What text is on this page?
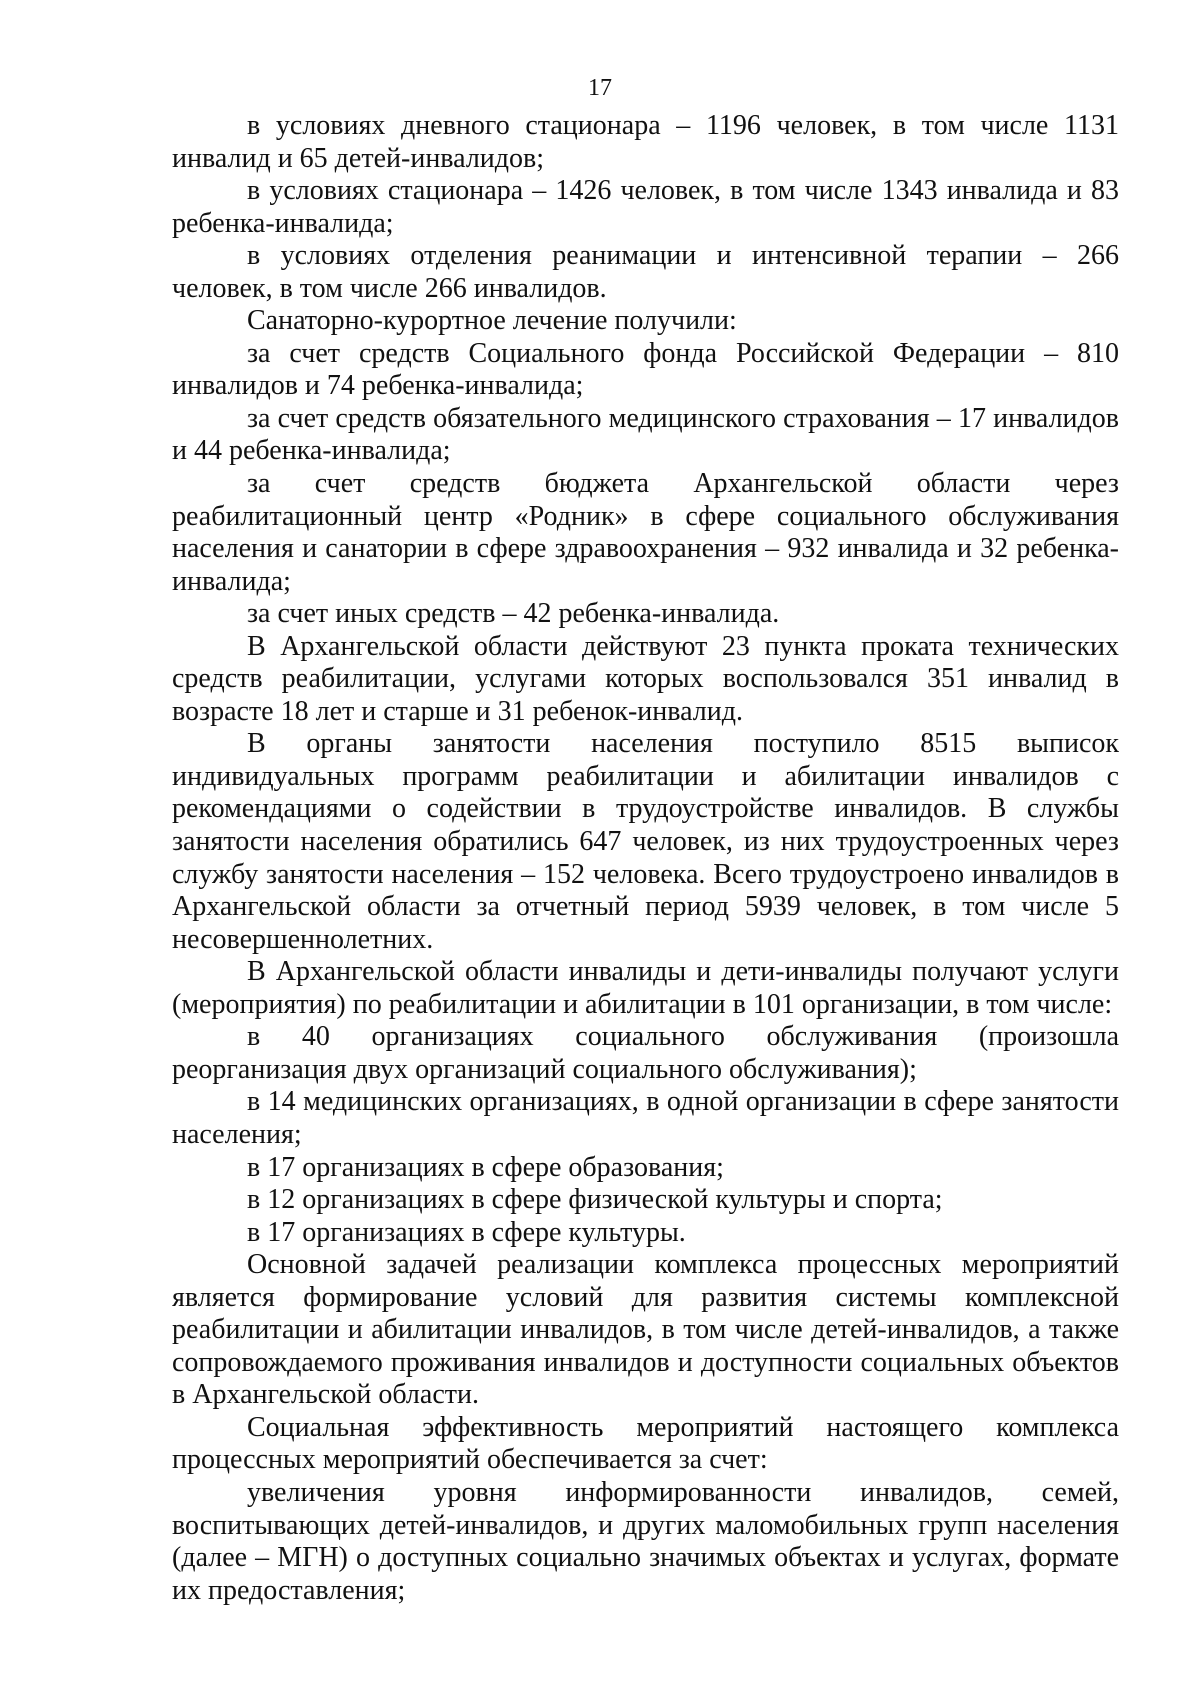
17

в условиях дневного стационара – 1196 человек, в том числе 1131 инвалид и 65 детей-инвалидов;

в условиях стационара – 1426 человек, в том числе 1343 инвалида и 83 ребенка-инвалида;

в условиях отделения реанимации и интенсивной терапии – 266 человек, в том числе 266 инвалидов.

Санаторно-курортное лечение получили:

за счет средств Социального фонда Российской Федерации – 810 инвалидов и 74 ребенка-инвалида;

за счет средств обязательного медицинского страхования – 17 инвалидов и 44 ребенка-инвалида;

за счет средств бюджета Архангельской области через реабилитационный центр «Родник» в сфере социального обслуживания населения и санатории в сфере здравоохранения – 932 инвалида и 32 ребенка-инвалида;

за счет иных средств – 42 ребенка-инвалида.

В Архангельской области действуют 23 пункта проката технических средств реабилитации, услугами которых воспользовался 351 инвалид в возрасте 18 лет и старше и 31 ребенок-инвалид.

В органы занятости населения поступило 8515 выписок индивидуальных программ реабилитации и абилитации инвалидов с рекомендациями о содействии в трудоустройстве инвалидов. В службы занятости населения обратились 647 человек, из них трудоустроенных через службу занятости населения – 152 человека. Всего трудоустроено инвалидов в Архангельской области за отчетный период 5939 человек, в том числе 5 несовершеннолетних.

В Архангельской области инвалиды и дети-инвалиды получают услуги (мероприятия) по реабилитации и абилитации в 101 организации, в том числе:

в 40 организациях социального обслуживания (произошла реорганизация двух организаций социального обслуживания);

в 14 медицинских организациях, в одной организации в сфере занятости населения;

в 17 организациях в сфере образования;

в 12 организациях в сфере физической культуры и спорта;

в 17 организациях в сфере культуры.

Основной задачей реализации комплекса процессных мероприятий является формирование условий для развития системы комплексной реабилитации и абилитации инвалидов, в том числе детей-инвалидов, а также сопровождаемого проживания инвалидов и доступности социальных объектов в Архангельской области.

Социальная эффективность мероприятий настоящего комплекса процессных мероприятий обеспечивается за счет:

увеличения уровня информированности инвалидов, семей, воспитывающих детей-инвалидов, и других маломобильных групп населения (далее – МГН) о доступных социально значимых объектах и услугах, формате их предоставления;
